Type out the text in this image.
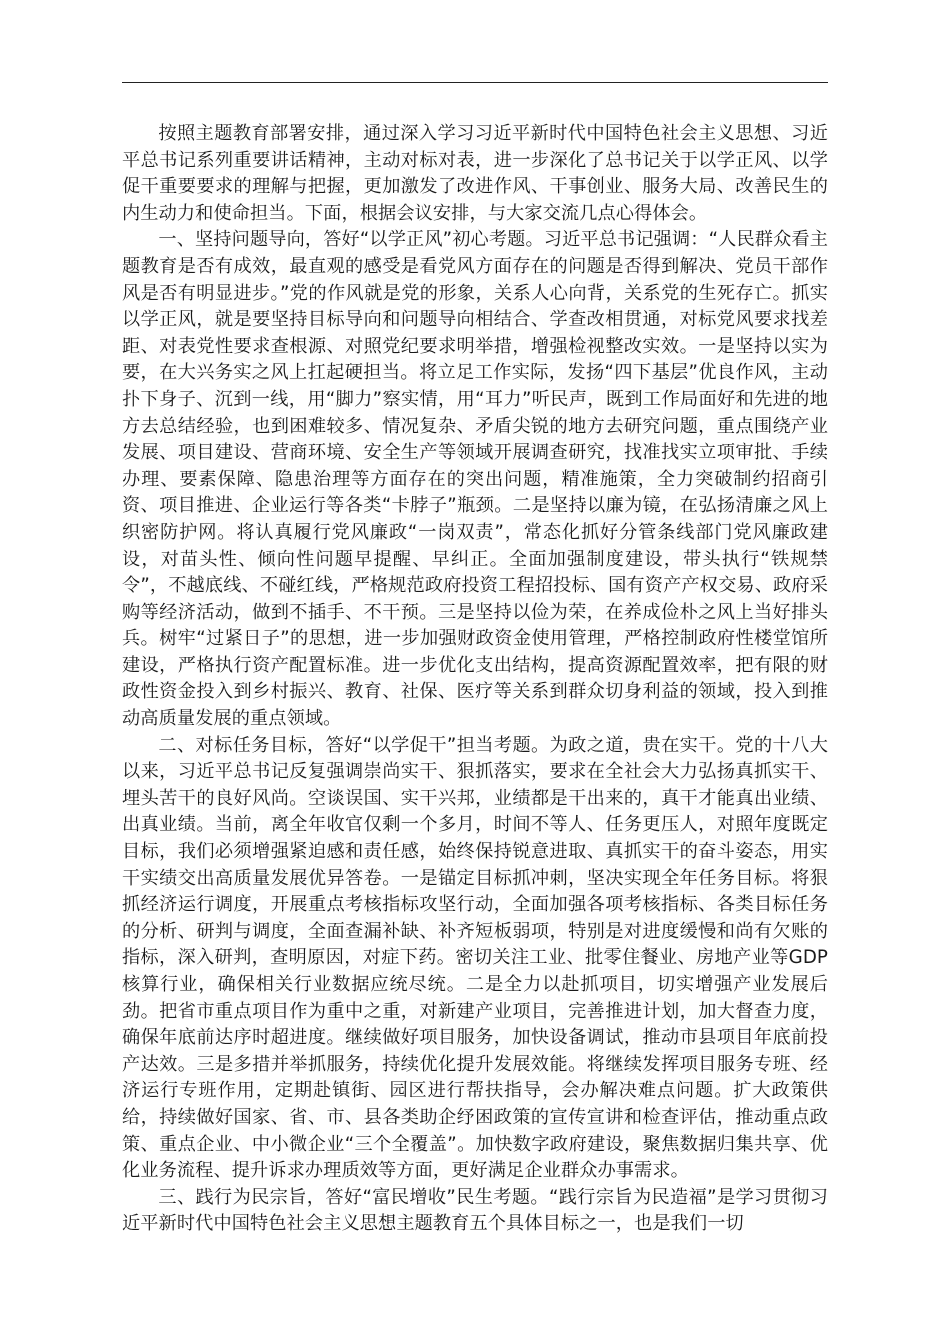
按照主题教育部署安排，通过深入学习习近平新时代中国特色社会主义思想、习近平总书记系列重要讲话精神，主动对标对表，进一步深化了总书记关于以学正风、以学促干重要要求的理解与把握，更加激发了改进作风、干事创业、服务大局、改善民生的内生动力和使命担当。下面，根据会议安排，与大家交流几点心得体会。

一、坚持问题导向，答好“以学正风”初心考题。习近平总书记强调：“人民群众看主题教育是否有成效，最直观的感受是看党风方面存在的问题是否得到解决、党员干部作风是否有明显进步。”党的作风就是党的形象，关系人心向背，关系党的生死存亡。抓实以学正风，就是要坚持目标导向和问题导向相结合、学查改相贯通，对标党风要求找差距、对表党性要求查根源、对照党纪要求明举措，增强检视整改实效。一是坚持以实为要，在大兴务实之风上扛起硬担当。将立足工作实际，发扬“四下基层”优良作风，主动扑下身子、沉到一线，用“脚力”察实情，用“耳力”听民声，既到工作局面好和先进的地方去总结经验，也到困难较多、情况复杂、矛盾尖锐的地方去研究问题，重点围绕产业发展、项目建设、营商环境、安全生产等领域开展调查研究，找准找实立项审批、手续办理、要素保障、隐患治理等方面存在的突出问题，精准施策，全力突破制约招商引资、项目推进、企业运行等各类“卡脖子”瓶颈。二是坚持以廉为镜，在弘扬清廉之风上织密防护网。将认真履行党风廉政“一岗双责”，常态化抓好分管条线部门党风廉政建设，对苗头性、倾向性问题早提醒、早纠正。全面加强制度建设，带头执行“铁规禁令”，不越底线、不碰红线，严格规范政府投资工程招投标、国有资产产权交易、政府采购等经济活动，做到不插手、不干预。三是坚持以俭为荣，在养成俭朴之风上当好排头兵。树牢“过紧日子”的思想，进一步加强财政资金使用管理，严格控制政府性楼堂馆所建设，严格执行资产配置标准。进一步优化支出结构，提高资源配置效率，把有限的财政性资金投入到乡村振兴、教育、社保、医疗等关系到群众切身利益的领域，投入到推动高质量发展的重点领域。

二、对标任务目标，答好“以学促干”担当考题。为政之道，贵在实干。党的十八大以来，习近平总书记反复强调崇尚实干、狠抓落实，要求在全社会大力弘扬真抓实干、埋头苦干的良好风尚。空谈误国、实干兴邦，业绩都是干出来的，真干才能真出业绩、出真业绩。当前，离全年收官仅剩一个多月，时间不等人、任务更压人，对照年度既定目标，我们必须增强紧迫感和责任感，始终保持锐意进取、真抓实干的奋斗姿态，用实干实绩交出高质量发展优异答卷。一是锚定目标抓冲刺，坚决实现全年任务目标。将狠抓经济运行调度，开展重点考核指标攻坚行动，全面加强各项考核指标、各类目标任务的分析、研判与调度，全面查漏补缺、补齐短板弱项，特别是对进度缓慢和尚有欠账的指标，深入研判，查明原因，对症下药。密切关注工业、批零住餐业、房地产业等GDP核算行业，确保相关行业数据应统尽统。二是全力以赴抓项目，切实增强产业发展后劲。把省市重点项目作为重中之重，对新建产业项目，完善推进计划，加大督查力度，确保年底前达序时超进度。继续做好项目服务，加快设备调试，推动市县项目年底前投产达效。三是多措并举抓服务，持续优化提升发展效能。将继续发挥项目服务专班、经济运行专班作用，定期赴镇街、园区进行帮扶指导，会办解决难点问题。扩大政策供给，持续做好国家、省、市、县各类助企纾困政策的宣传宣讲和检查评估，推动重点政策、重点企业、中小微企业“三个全覆盖”。加快数字政府建设，聚焦数据归集共享、优化业务流程、提升诉求办理质效等方面，更好满足企业群众办事需求。

三、践行为民宗旨，答好“富民增收”民生考题。“践行宗旨为民造福”是学习贯彻习近平新时代中国特色社会主义思想主题教育五个具体目标之一，也是我们一切
